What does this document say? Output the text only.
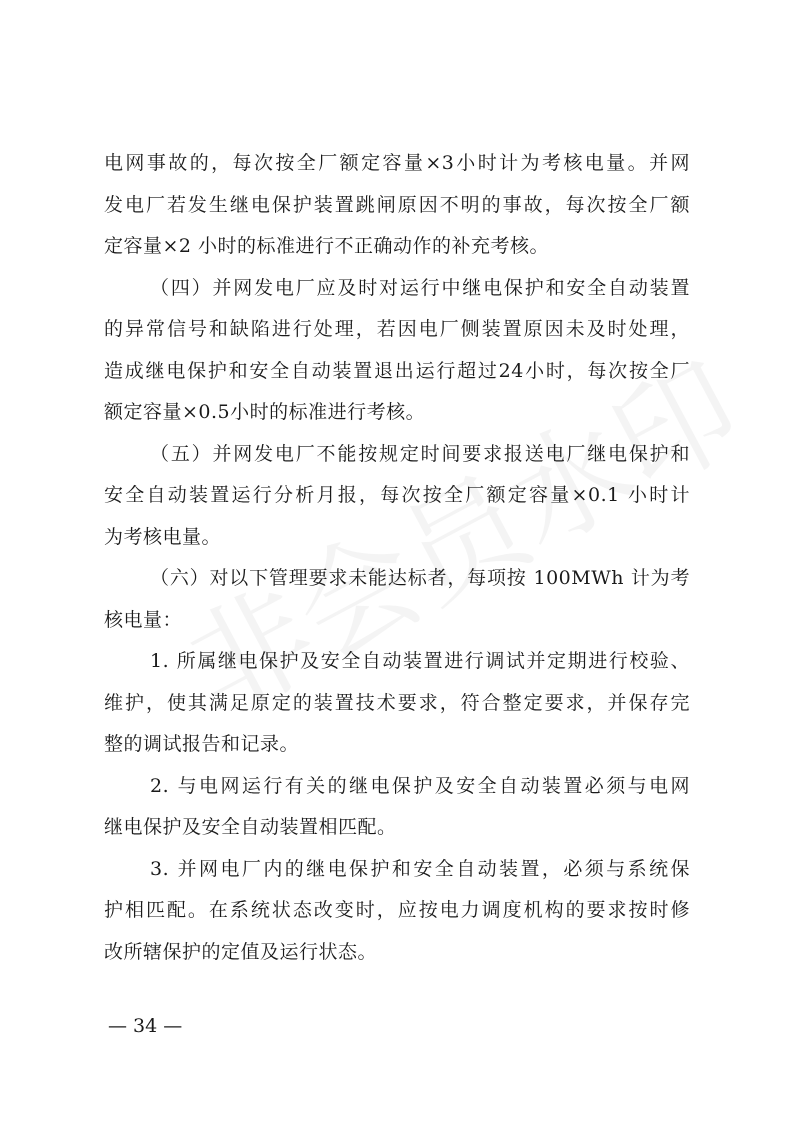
电网事故的，每次按全厂额定容量×3小时计为考核电量。并网
发电厂若发生继电保护装置跳闸原因不明的事故，每次按全厂额
定容量×2 小时的标准进行不正确动作的补充考核。
（四）并网发电厂应及时对运行中继电保护和安全自动装置
的异常信号和缺陷进行处理，若因电厂侧装置原因未及时处理，
造成继电保护和安全自动装置退出运行超过24小时，每次按全厂
额定容量×0.5小时的标准进行考核。
（五）并网发电厂不能按规定时间要求报送电厂继电保护和
安全自动装置运行分析月报，每次按全厂额定容量×0.1 小时计
为考核电量。
（六）对以下管理要求未能达标者，每项按 100MWh 计为考
核电量：
1. 所属继电保护及安全自动装置进行调试并定期进行校验、
维护，使其满足原定的装置技术要求，符合整定要求，并保存完
整的调试报告和记录。
2. 与电网运行有关的继电保护及安全自动装置必须与电网
继电保护及安全自动装置相匹配。
3. 并网电厂内的继电保护和安全自动装置，必须与系统保
护相匹配。在系统状态改变时，应按电力调度机构的要求按时修
改所辖保护的定值及运行状态。
— 34 —
